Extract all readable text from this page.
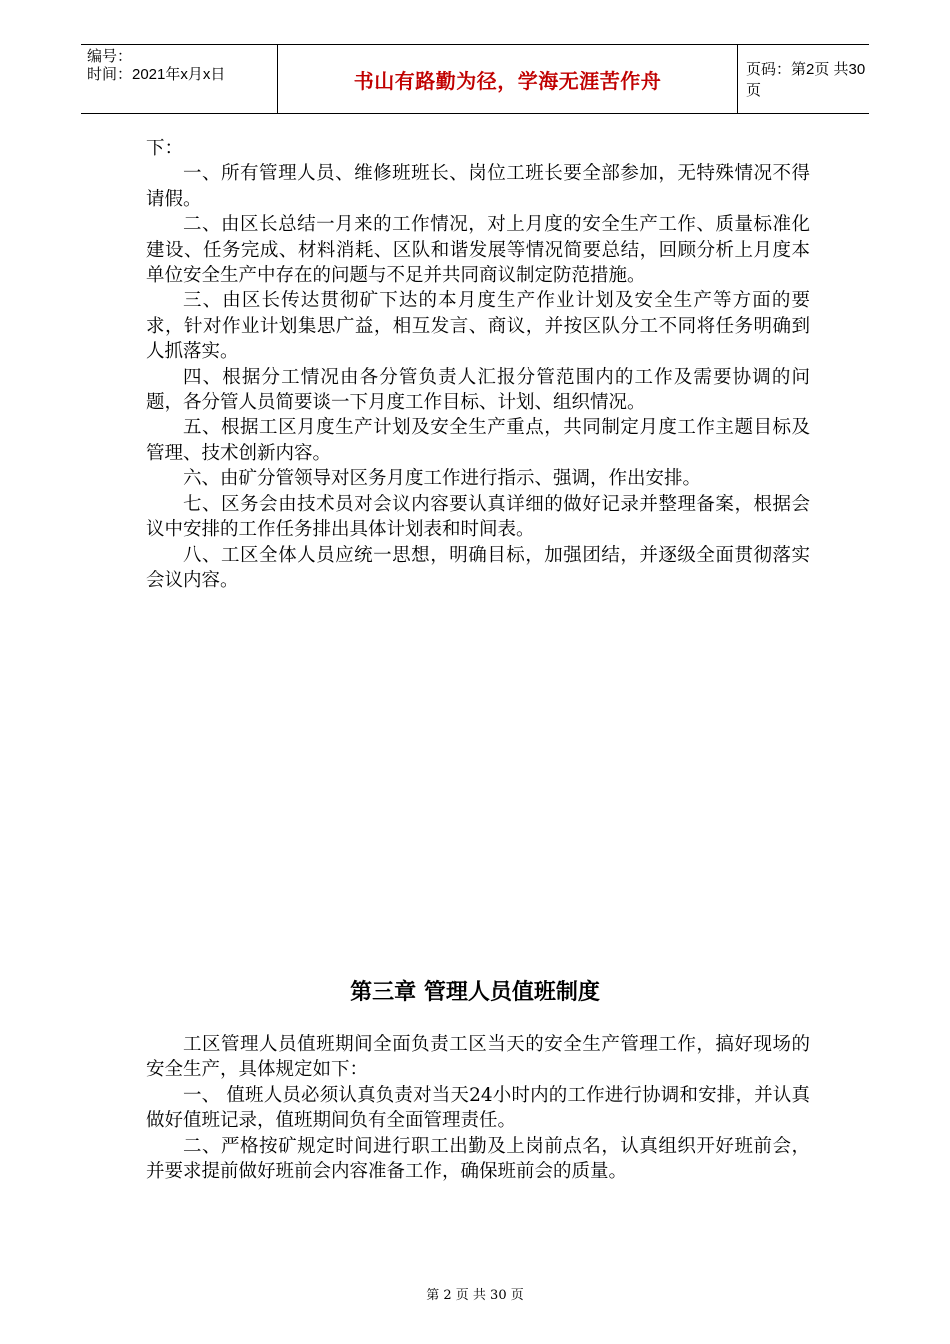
编号：
时间：2021年x月x日	书山有路勤为径，学海无涯苦作舟	页码：第2页 共30页

下：

一、所有管理人员、维修班班长、岗位工班长要全部参加，无特殊情况不得请假。

二、由区长总结一月来的工作情况，对上月度的安全生产工作、质量标准化建设、任务完成、材料消耗、区队和谐发展等情况简要总结，回顾分析上月度本单位安全生产中存在的问题与不足并共同商议制定防范措施。

三、由区长传达贯彻矿下达的本月度生产作业计划及安全生产等方面的要求，针对作业计划集思广益，相互发言、商议，并按区队分工不同将任务明确到人抓落实。

四、根据分工情况由各分管负责人汇报分管范围内的工作及需要协调的问题，各分管人员简要谈一下月度工作目标、计划、组织情况。

五、根据工区月度生产计划及安全生产重点，共同制定月度工作主题目标及管理、技术创新内容。

六、由矿分管领导对区务月度工作进行指示、强调，作出安排。

七、区务会由技术员对会议内容要认真详细的做好记录并整理备案，根据会议中安排的工作任务排出具体计划表和时间表。

八、工区全体人员应统一思想，明确目标，加强团结，并逐级全面贯彻落实会议内容。

第三章 管理人员值班制度

工区管理人员值班期间全面负责工区当天的安全生产管理工作，搞好现场的安全生产，具体规定如下：

一、 值班人员必须认真负责对当天24小时内的工作进行协调和安排，并认真做好值班记录，值班期间负有全面管理责任。

二、严格按矿规定时间进行职工出勤及上岗前点名，认真组织开好班前会，并要求提前做好班前会内容准备工作，确保班前会的质量。

第 2 页 共 30 页
